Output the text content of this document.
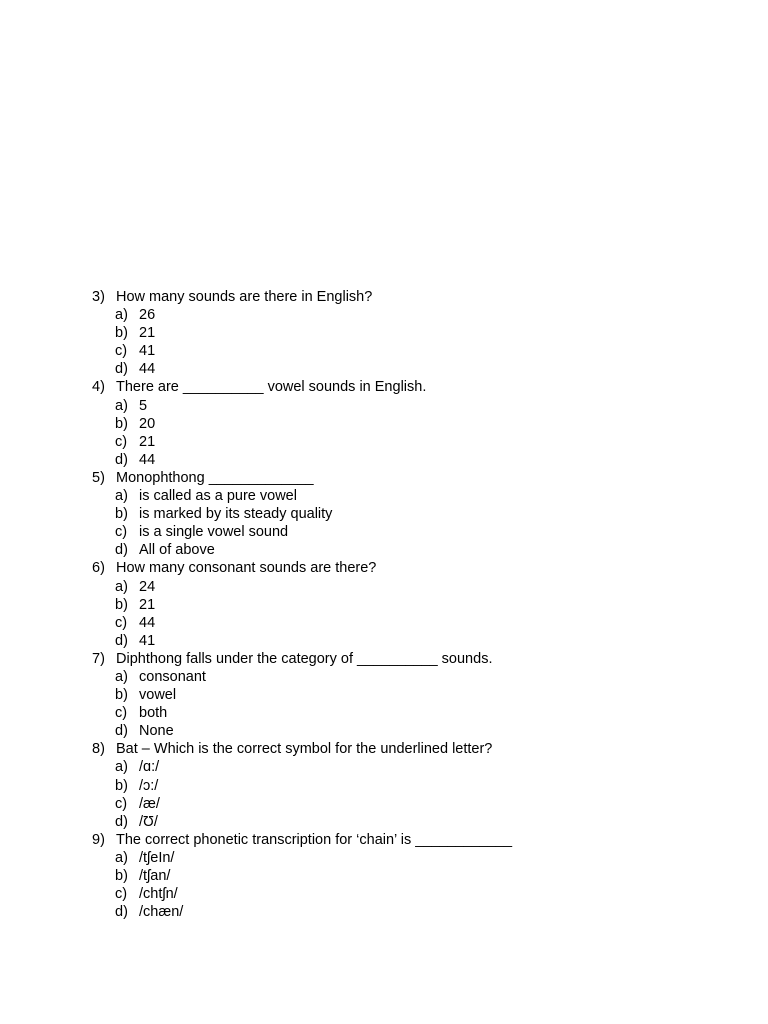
3) How many sounds are there in English?
a) 26
b) 21
c) 41
d) 44
4) There are __________ vowel sounds in English.
a) 5
b) 20
c) 21
d) 44
5) Monophthong _____________
a) is called as a pure vowel
b) is marked by its steady quality
c) is a single vowel sound
d) All of above
6) How many consonant sounds are there?
a) 24
b) 21
c) 44
d) 41
7) Diphthong falls under the category of __________ sounds.
a) consonant
b) vowel
c) both
d) None
8) Bat – Which is the correct symbol for the underlined letter?
a) /ɑ:/
b) /ɔ:/
c) /æ/
d) /Ʊ/
9) The correct phonetic transcription for ‘chain’ is ____________
a) /tʃeIn/
b) /tʃan/
c) /chtʃn/
d) /chæn/
